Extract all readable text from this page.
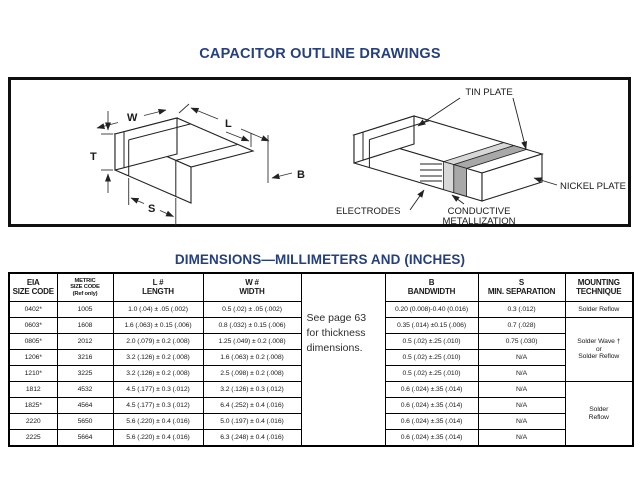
CAPACITOR OUTLINE DRAWINGS
W	L
B
T
S
TIN PLATE
NICKEL PLATE
ELECTRODES	CONDUCTIVE
METALLIZATION
DIMENSIONS—MILLIMETERS AND (INCHES)
EIA
SIZE CODE

METRIC
SIZE CODE
(Ref only)

L #
LENGTH

W #
WIDTH

See page 63
for thickness
dimensions.

B
BANDWIDTH

S
MIN. SEPARATION

MOUNTING
TECHNIQUE

0402*	1005	1.0 (.04) ± .05 (.002)	0.5 (.02) ± .05 (.002)		0.20 (0.008)-0.40 (0.016)	0.3 (.012)	Solder Reflow
0603*	1608	1.6 (.063) ± 0.15 (.006)	0.8 (.032) ± 0.15 (.006)		0.35 (.014) ±0.15 (.006)	0.7 (.028)	Solder Wave †
or
Solder Reflow

0805*	2012	2.0 (.079) ± 0.2 (.008)	1.25 (.049) ± 0.2 (.008)		0.5 (.02) ±.25 (.010)	0.75 (.030)	
1206*	3216	3.2 (.126) ± 0.2 (.008)	1.6 (.063) ± 0.2 (.008)		0.5 (.02) ±.25 (.010)	N/A	
1210*	3225	3.2 (.126) ± 0.2 (.008)	2.5 (.098) ± 0.2 (.008)		0.5 (.02) ±.25 (.010)	N/A	
1812	4532	4.5 (.177) ± 0.3 (.012)	3.2 (.126) ± 0.3 (.012)		0.6 (.024) ±.35 (.014)	N/A	Solder
Reflow

1825*	4564	4.5 (.177) ± 0.3 (.012)	6.4 (.252) ± 0.4 (.016)		0.6 (.024) ±.35 (.014)	N/A	
2220	5650	5.6 (.220) ± 0.4 (.016)	5.0 (.197) ± 0.4 (.016)		0.6 (.024) ±.35 (.014)	N/A	
2225	5664	5.6 (.220) ± 0.4 (.016)	6.3 (.248) ± 0.4 (.016)		0.6 (.024) ±.35 (.014)	N/A	
